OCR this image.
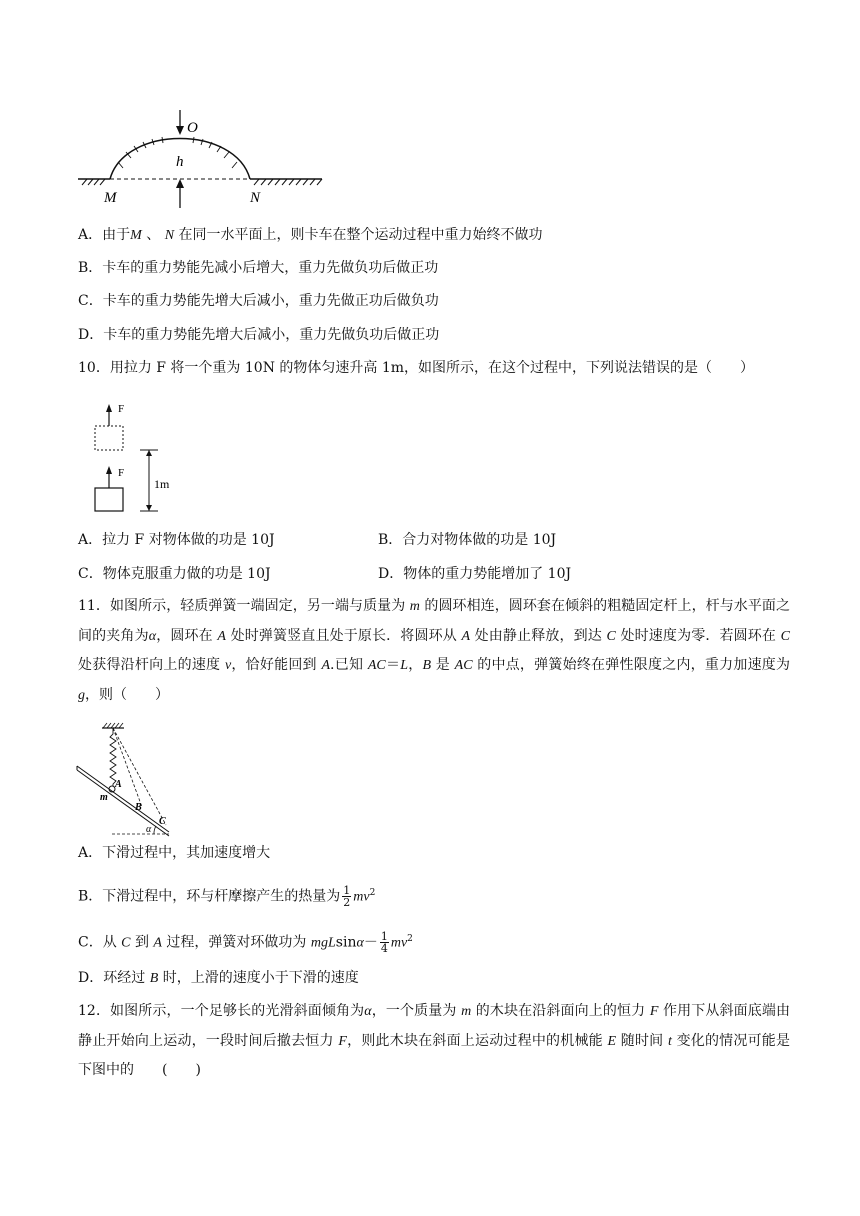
O
h
M	N
A．由于M 、 N 在同一水平面上，则卡车在整个运动过程中重力始终不做功
B．卡车的重力势能先减小后增大，重力先做负功后做正功
C．卡车的重力势能先增大后减小，重力先做正功后做负功
D．卡车的重力势能先增大后减小，重力先做负功后做正功
10．用拉力 F 将一个重为 10N 的物体匀速升高 1m，如图所示，在这个过程中，下列说法错误的是（　　）
F
F
1m
A．拉力 F 对物体做的功是 10J	B．合力对物体做的功是 10J
C．物体克服重力做的功是 10J	D．物体的重力势能增加了 10J
11．如图所示，轻质弹簧一端固定，另一端与质量为 m 的圆环相连，圆环套在倾斜的粗糙固定杆上，杆与水平面之间的夹角为α，圆环在 A 处时弹簧竖直且处于原长．将圆环从 A 处由静止释放，到达 C 处时速度为零．若圆环在 C 处获得沿杆向上的速度 v，恰好能回到 A.已知 AC＝L，B 是 AC 的中点，弹簧始终在弹性限度之内，重力加速度为 g，则（　　）
A
m
B
C
α
A．下滑过程中，其加速度增大
B．下滑过程中，环与杆摩擦产生的热量为 $\frac{1}{2} mv^2$
C．从 C 到 A 过程，弹簧对环做功为 $mgLsin\alpha- \frac{1}{4} mv^2$
D．环经过 B 时，上滑的速度小于下滑的速度
12．如图所示，一个足够长的光滑斜面倾角为α，一个质量为 m 的木块在沿斜面向上的恒力 F 作用下从斜面底端由静止开始向上运动，一段时间后撤去恒力 F，则此木块在斜面上运动过程中的机械能 E 随时间 t 变化的情况可能是下图中的　　(　　)
